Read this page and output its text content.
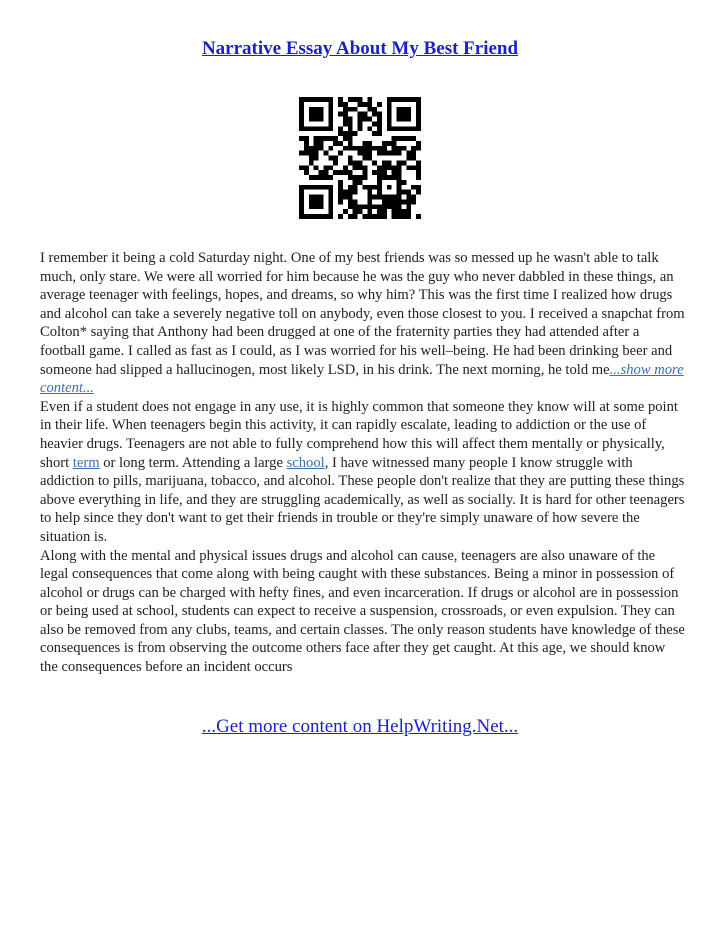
Narrative Essay About My Best Friend

I remember it being a cold Saturday night. One of my best friends was so messed up he wasn't able to talk much, only stare. We were all worried for him because he was the guy who never dabbled in these things, an average teenager with feelings, hopes, and dreams, so why him? This was the first time I realized how drugs and alcohol can take a severely negative toll on anybody, even those closest to you. I received a snapchat from Colton* saying that Anthony had been drugged at one of the fraternity parties they had attended after a football game. I called as fast as I could, as I was worried for his well–being. He had been drinking beer and someone had slipped a hallucinogen, most likely LSD, in his drink. The next morning, he told me...show more content...

Even if a student does not engage in any use, it is highly common that someone they know will at some point in their life. When teenagers begin this activity, it can rapidly escalate, leading to addiction or the use of heavier drugs. Teenagers are not able to fully comprehend how this will affect them mentally or physically, short term or long term. Attending a large school, I have witnessed many people I know struggle with addiction to pills, marijuana, tobacco, and alcohol. These people don't realize that they are putting these things above everything in life, and they are struggling academically, as well as socially. It is hard for other teenagers to help since they don't want to get their friends in trouble or they're simply unaware of how severe the situation is.

Along with the mental and physical issues drugs and alcohol can cause, teenagers are also unaware of the legal consequences that come along with being caught with these substances. Being a minor in possession of alcohol or drugs can be charged with hefty fines, and even incarceration. If drugs or alcohol are in possession or being used at school, students can expect to receive a suspension, crossroads, or even expulsion. They can also be removed from any clubs, teams, and certain classes. The only reason students have knowledge of these consequences is from observing the outcome others face after they get caught. At this age, we should know the consequences before an incident occurs

...Get more content on HelpWriting.Net...
